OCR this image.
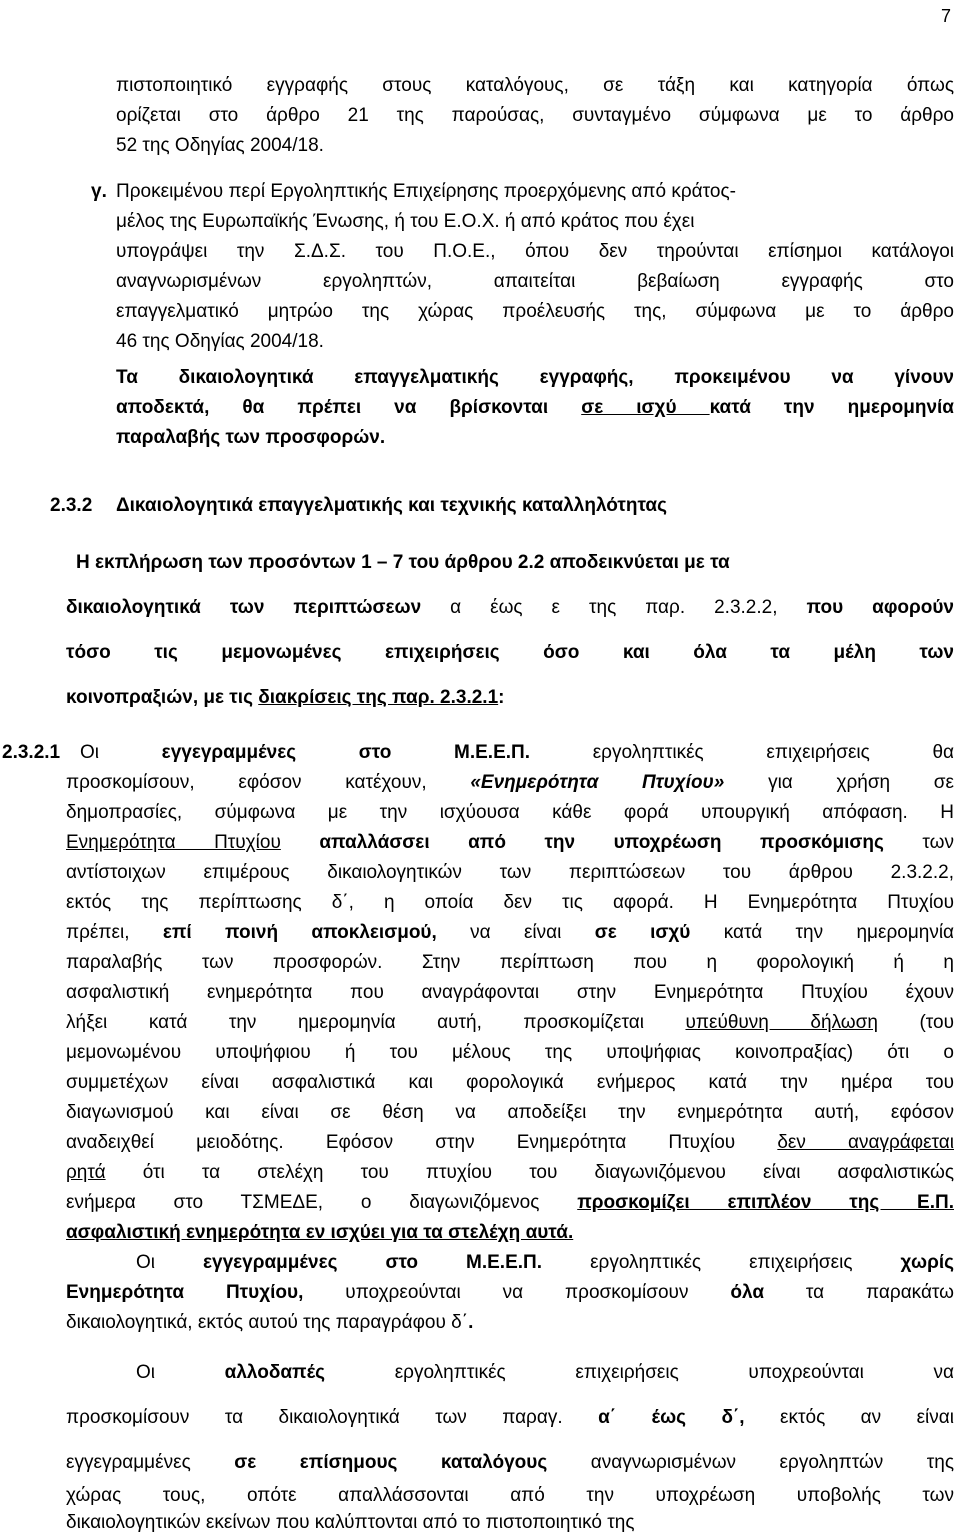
7
πιστοποιητικό εγγραφής στους καταλόγους, σε τάξη και κατηγορία όπως
ορίζεται στο άρθρο 21 της παρούσας, συνταγμένο σύμφωνα με το άρθρο
52 της Οδηγίας 2004/18.
γ. Προκειμένου περί Εργοληπτικής Επιχείρησης προερχόμενης από κράτος-
μέλος της Ευρωπαϊκής Ένωσης, ή του Ε.Ο.Χ. ή από κράτος που έχει
υπογράψει την Σ.Δ.Σ. του Π.Ο.Ε., όπου δεν τηρούνται επίσημοι κατάλογοι
αναγνωρισμένων εργοληπτών, απαιτείται βεβαίωση εγγραφής στο
επαγγελματικό μητρώο της χώρας προέλευσής της, σύμφωνα με το άρθρο
46 της Οδηγίας 2004/18.
Τα δικαιολογητικά επαγγελματικής εγγραφής, προκειμένου να γίνουν
αποδεκτά, θα πρέπει να βρίσκονται σε ισχύ κατά την ημερομηνία
παραλαβής των προσφορών.
2.3.2 Δικαιολογητικά επαγγελματικής και τεχνικής καταλληλότητας
Η εκπλήρωση των προσόντων 1 – 7 του άρθρου 2.2 αποδεικνύεται με τα
δικαιολογητικά των περιπτώσεων α έως ε της παρ. 2.3.2.2, που αφορούν
τόσο τις μεμονωμένες επιχειρήσεις όσο και όλα τα μέλη των
κοινοπραξιών, με τις διακρίσεις της παρ. 2.3.2.1:
2.3.2.1 Οι	εγγεγραμμένες στο Μ.Ε.Ε.Π.	εργοληπτικές επιχειρήσεις θα
προσκομίσουν, εφόσον κατέχουν, «Ενημερότητα Πτυχίου» για χρήση σε
δημοπρασίες, σύμφωνα με την ισχύουσα κάθε φορά υπουργική απόφαση. Η
Ενημερότητα Πτυχίου απαλλάσσει από την υποχρέωση προσκόμισης των
αντίστοιχων επιμέρους δικαιολογητικών των περιπτώσεων του άρθρου 2.3.2.2,
εκτός της περίπτωσης δ΄, η οποία δεν τις αφορά. Η Ενημερότητα Πτυχίου
πρέπει, επί ποινή αποκλεισμού, να είναι σε ισχύ κατά την ημερομηνία
παραλαβής των προσφορών. Στην περίπτωση που η φορολογική ή η
ασφαλιστική ενημερότητα που αναγράφονται στην Ενημερότητα Πτυχίου έχουν
λήξει κατά την ημερομηνία αυτή, προσκομίζεται υπεύθυνη δήλωση (του
μεμονωμένου υποψήφιου ή του μέλους της υποψήφιας κοινοπραξίας) ότι ο
συμμετέχων είναι ασφαλιστικά και φορολογικά ενήμερος κατά την ημέρα του
διαγωνισμού και είναι σε θέση να αποδείξει την ενημερότητα αυτή, εφόσον
αναδειχθεί μειοδότης. Εφόσον στην Ενημερότητα Πτυχίου δεν αναγράφεται
ρητά ότι τα στελέχη του πτυχίου του διαγωνιζόμενου είναι ασφαλιστικώς
ενήμερα στο ΤΣΜΕΔΕ, ο διαγωνιζόμενος προσκομίζει επιπλέον της Ε.Π.
ασφαλιστική ενημερότητα εν ισχύει για τα στελέχη αυτά.
Οι	εγγεγραμμένες στο Μ.Ε.Ε.Π.	εργοληπτικές επιχειρήσεις	χωρίς
Ενημερότητα Πτυχίου, υποχρεούνται να προσκομίσουν όλα τα παρακάτω
δικαιολογητικά, εκτός αυτού της παραγράφου δ΄.
Οι	αλλοδαπές	εργοληπτικές επιχειρήσεις υποχρεούνται να
προσκομίσουν τα δικαιολογητικά των παραγ. α΄ έως δ΄, εκτός αν είναι
εγγεγραμμένες σε επίσημους καταλόγους αναγνωρισμένων εργοληπτών της
χώρας τους, οπότε απαλλάσσονται από την υποχρέωση υποβολής των
δικαιολογητικών εκείνων που καλύπτονται από το πιστοποιητικό της
